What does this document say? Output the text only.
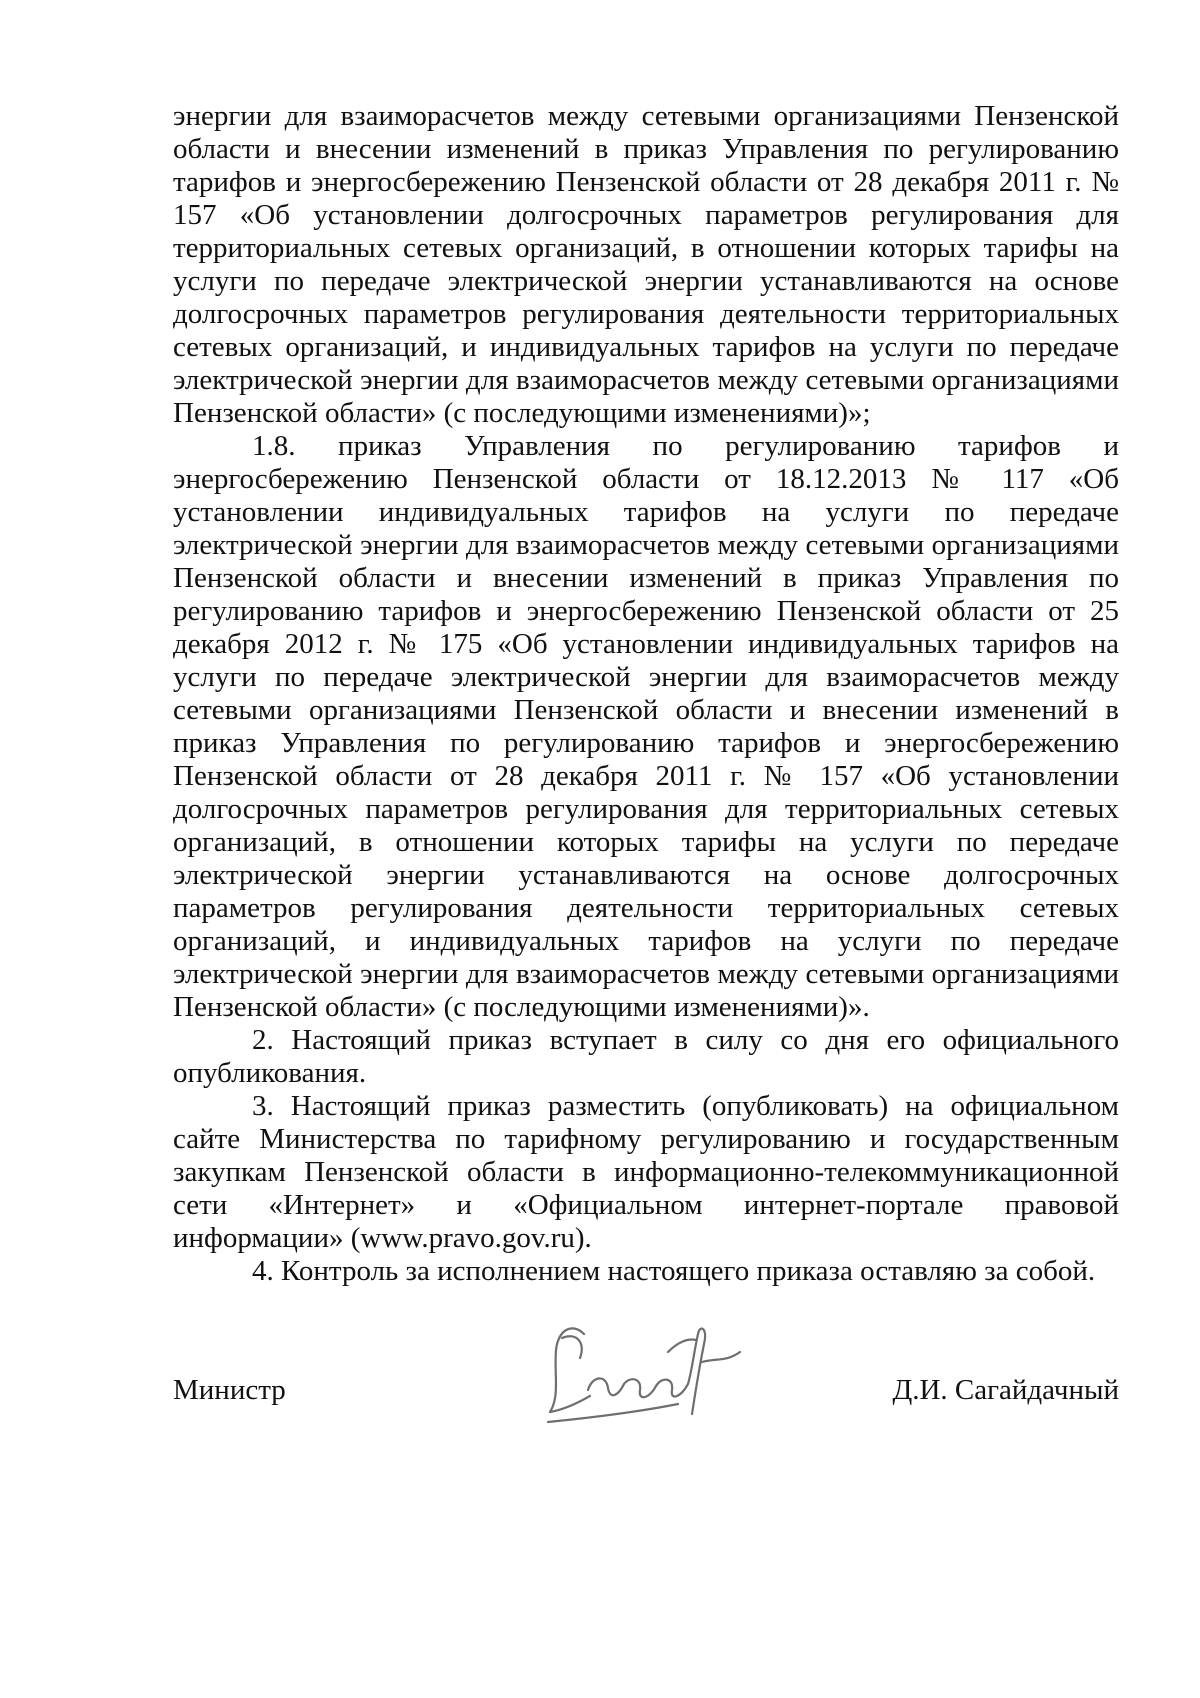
энергии для взаиморасчетов между сетевыми организациями Пензенской области и внесении изменений в приказ Управления по регулированию тарифов и энергосбережению Пензенской области от 28 декабря 2011 г. № 157 «Об установлении долгосрочных параметров регулирования для территориальных сетевых организаций, в отношении которых тарифы на услуги по передаче электрической энергии устанавливаются на основе долгосрочных параметров регулирования деятельности территориальных сетевых организаций, и индивидуальных тарифов на услуги по передаче электрической энергии для взаиморасчетов между сетевыми организациями Пензенской области» (с последующими изменениями)»;

1.8. приказ Управления по регулированию тарифов и энергосбережению Пензенской области от 18.12.2013 № 117 «Об установлении индивидуальных тарифов на услуги по передаче электрической энергии для взаиморасчетов между сетевыми организациями Пензенской области и внесении изменений в приказ Управления по регулированию тарифов и энергосбережению Пензенской области от 25 декабря 2012 г. № 175 «Об установлении индивидуальных тарифов на услуги по передаче электрической энергии для взаиморасчетов между сетевыми организациями Пензенской области и внесении изменений в приказ Управления по регулированию тарифов и энергосбережению Пензенской области от 28 декабря 2011 г. № 157 «Об установлении долгосрочных параметров регулирования для территориальных сетевых организаций, в отношении которых тарифы на услуги по передаче электрической энергии устанавливаются на основе долгосрочных параметров регулирования деятельности территориальных сетевых организаций, и индивидуальных тарифов на услуги по передаче электрической энергии для взаиморасчетов между сетевыми организациями Пензенской области» (с последующими изменениями)».

2. Настоящий приказ вступает в силу со дня его официального опубликования.

3. Настоящий приказ разместить (опубликовать) на официальном сайте Министерства по тарифному регулированию и государственным закупкам Пензенской области в информационно-телекоммуникационной сети «Интернет» и «Официальном интернет-портале правовой информации» (www.pravo.gov.ru).

4. Контроль за исполнением настоящего приказа оставляю за собой.

Министр	Д.И. Сагайдачный
